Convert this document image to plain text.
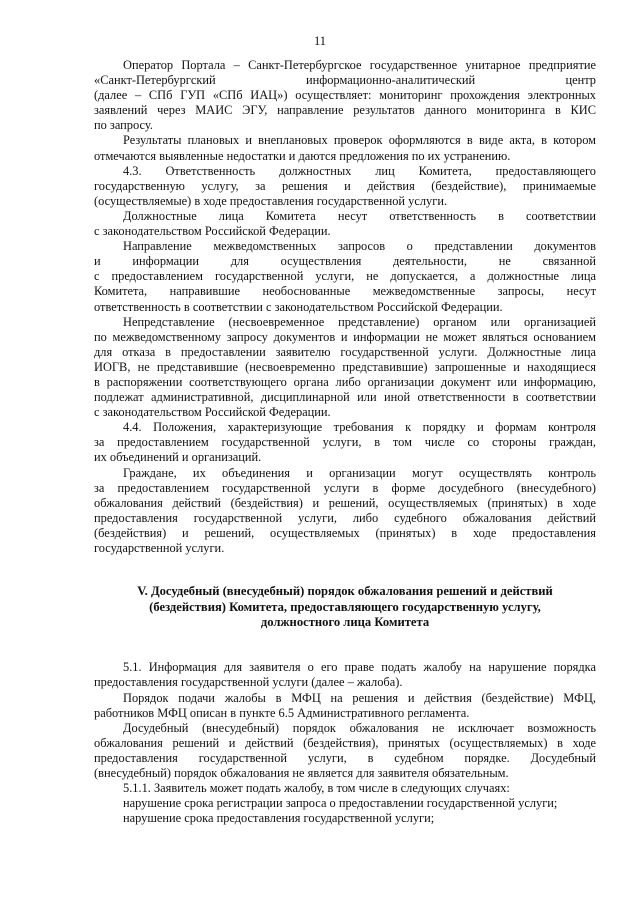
11
Оператор Портала – Санкт-Петербургское государственное унитарное предприятие
«Санкт-Петербургский информационно-аналитический центр
(далее – СПб ГУП «СПб ИАЦ») осуществляет: мониторинг прохождения электронных
заявлений через МАИС ЭГУ, направление результатов данного мониторинга в КИС
по запросу.
Результаты плановых и внеплановых проверок оформляются в виде акта, в котором
отмечаются выявленные недостатки и даются предложения по их устранению.
4.3. Ответственность должностных лиц Комитета, предоставляющего
государственную услугу, за решения и действия (бездействие), принимаемые
(осуществляемые) в ходе предоставления государственной услуги.
Должностные лица Комитета несут ответственность в соответствии
с законодательством Российской Федерации.
Направление межведомственных запросов о представлении документов
и информации для осуществления деятельности, не связанной
с предоставлением государственной услуги, не допускается, а должностные лица
Комитета, направившие необоснованные межведомственные запросы, несут
ответственность в соответствии с законодательством Российской Федерации.
Непредставление (несвоевременное представление) органом или организацией
по межведомственному запросу документов и информации не может являться основанием
для отказа в предоставлении заявителю государственной услуги. Должностные лица
ИОГВ, не представившие (несвоевременно представившие) запрошенные и находящиеся
в распоряжении соответствующего органа либо организации документ или информацию,
подлежат административной, дисциплинарной или иной ответственности в соответствии
с законодательством Российской Федерации.
4.4. Положения, характеризующие требования к порядку и формам контроля
за предоставлением государственной услуги, в том числе со стороны граждан,
их объединений и организаций.
Граждане, их объединения и организации могут осуществлять контроль
за предоставлением государственной услуги в форме досудебного (внесудебного)
обжалования действий (бездействия) и решений, осуществляемых (принятых) в ходе
предоставления государственной услуги, либо судебного обжалования действий
(бездействия) и решений, осуществляемых (принятых) в ходе предоставления
государственной услуги.
V. Досудебный (внесудебный) порядок обжалования решений и действий
(бездействия) Комитета, предоставляющего государственную услугу,
должностного лица Комитета
5.1. Информация для заявителя о его праве подать жалобу на нарушение порядка
предоставления государственной услуги (далее – жалоба).
Порядок подачи жалобы в МФЦ на решения и действия (бездействие) МФЦ,
работников МФЦ описан в пункте 6.5 Административного регламента.
Досудебный (внесудебный) порядок обжалования не исключает возможность
обжалования решений и действий (бездействия), принятых (осуществляемых) в ходе
предоставления государственной услуги, в судебном порядке. Досудебный
(внесудебный) порядок обжалования не является для заявителя обязательным.
5.1.1. Заявитель может подать жалобу, в том числе в следующих случаях:
нарушение срока регистрации запроса о предоставлении государственной услуги;
нарушение срока предоставления государственной услуги;
